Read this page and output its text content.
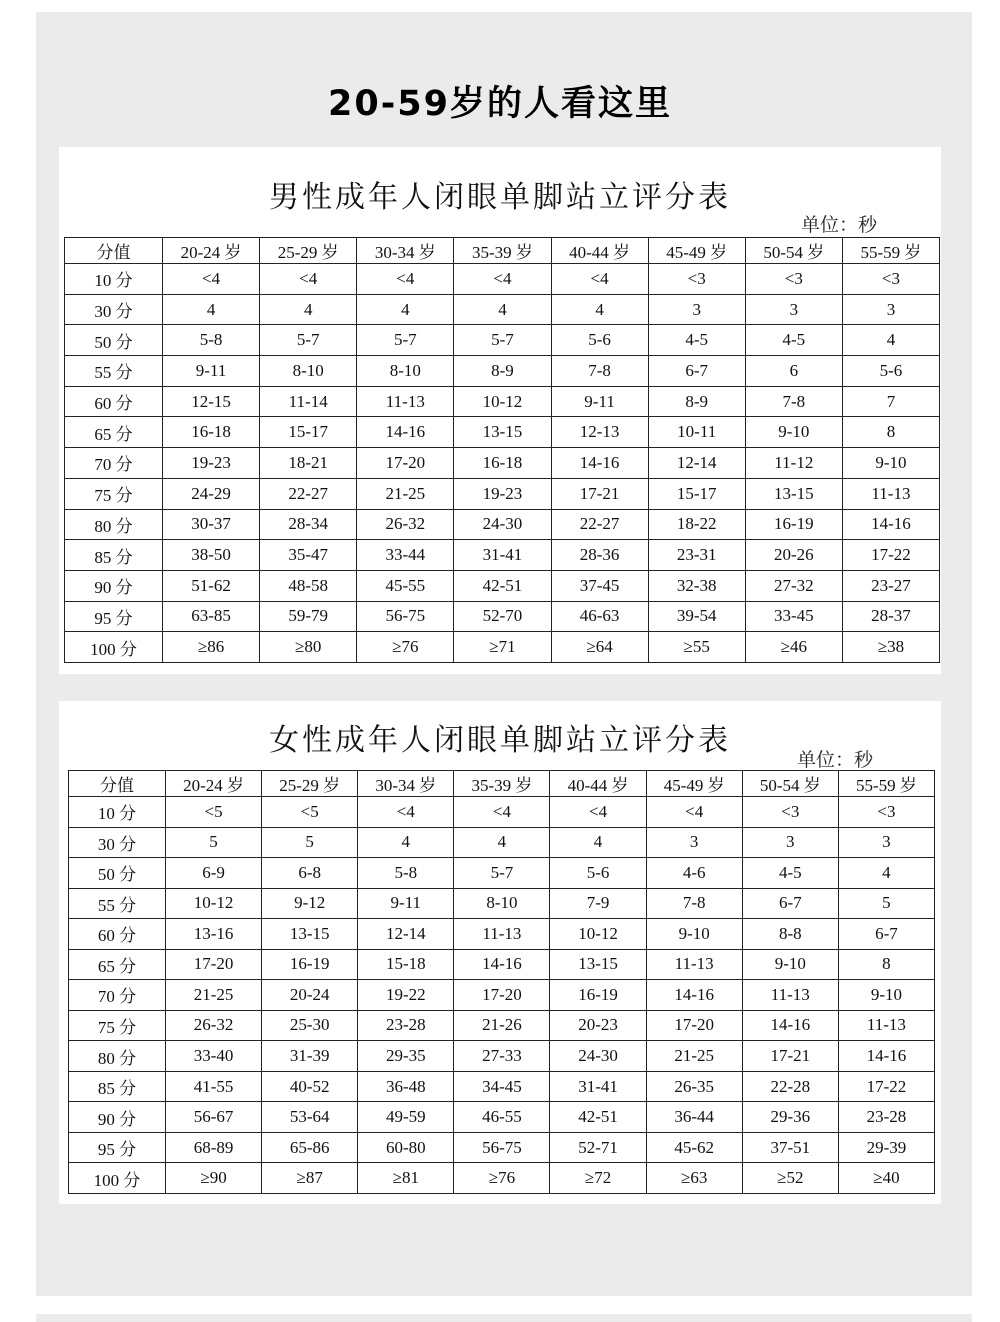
20-59岁的人看这里
男性成年人闭眼单脚站立评分表
单位：秒
分值	20-24 岁	25-29 岁	30-34 岁	35-39 岁	40-44 岁	45-49 岁	50-54 岁	55-59 岁
10 分	<4	<4	<4	<4	<4	<3	<3	<3
30 分	4	4	4	4	4	3	3	3
50 分	5-8	5-7	5-7	5-7	5-6	4-5	4-5	4
55 分	9-11	8-10	8-10	8-9	7-8	6-7	6	5-6
60 分	12-15	11-14	11-13	10-12	9-11	8-9	7-8	7
65 分	16-18	15-17	14-16	13-15	12-13	10-11	9-10	8
70 分	19-23	18-21	17-20	16-18	14-16	12-14	11-12	9-10
75 分	24-29	22-27	21-25	19-23	17-21	15-17	13-15	11-13
80 分	30-37	28-34	26-32	24-30	22-27	18-22	16-19	14-16
85 分	38-50	35-47	33-44	31-41	28-36	23-31	20-26	17-22
90 分	51-62	48-58	45-55	42-51	37-45	32-38	27-32	23-27
95 分	63-85	59-79	56-75	52-70	46-63	39-54	33-45	28-37
100 分	≥86	≥80	≥76	≥71	≥64	≥55	≥46	≥38
女性成年人闭眼单脚站立评分表
单位：秒
分值	20-24 岁	25-29 岁	30-34 岁	35-39 岁	40-44 岁	45-49 岁	50-54 岁	55-59 岁
10 分	<5	<5	<4	<4	<4	<4	<3	<3
30 分	5	5	4	4	4	3	3	3
50 分	6-9	6-8	5-8	5-7	5-6	4-6	4-5	4
55 分	10-12	9-12	9-11	8-10	7-9	7-8	6-7	5
60 分	13-16	13-15	12-14	11-13	10-12	9-10	8-8	6-7
65 分	17-20	16-19	15-18	14-16	13-15	11-13	9-10	8
70 分	21-25	20-24	19-22	17-20	16-19	14-16	11-13	9-10
75 分	26-32	25-30	23-28	21-26	20-23	17-20	14-16	11-13
80 分	33-40	31-39	29-35	27-33	24-30	21-25	17-21	14-16
85 分	41-55	40-52	36-48	34-45	31-41	26-35	22-28	17-22
90 分	56-67	53-64	49-59	46-55	42-51	36-44	29-36	23-28
95 分	68-89	65-86	60-80	56-75	52-71	45-62	37-51	29-39
100 分	≥90	≥87	≥81	≥76	≥72	≥63	≥52	≥40
